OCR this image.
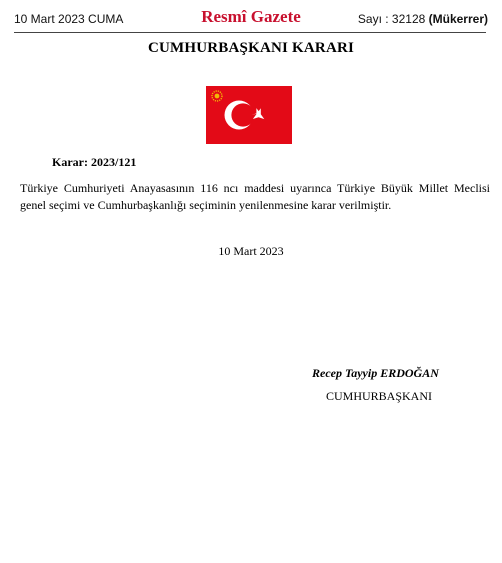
10 Mart 2023 CUMA	Resmî Gazete	Sayı : 32128 (Mükerrer)
CUMHURBAŞKANI KARARI
Karar: 2023/121

Türkiye Cumhuriyeti Anayasasının 116 ncı maddesi uyarınca Türkiye Büyük Millet Meclisi genel seçimi ve Cumhurbaşkanlığı seçiminin yenilenmesine karar verilmiştir.

10 Mart 2023
Recep Tayyip ERDOĞAN
CUMHURBAŞKANI
